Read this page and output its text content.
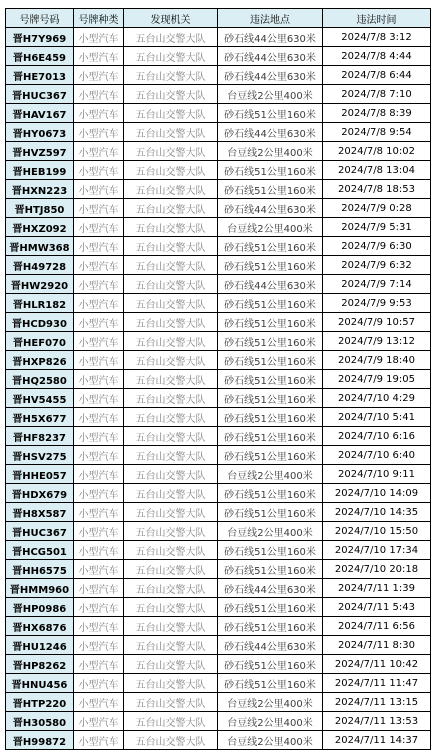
号牌号码	号牌种类	发现机关	违法地点	违法时间
晋H7Y969	小型汽车	五台山交警大队	砂石线44公里630米	2024/7/8 3:12
晋H6E459	小型汽车	五台山交警大队	砂石线44公里630米	2024/7/8 4:44
晋HE7013	小型汽车	五台山交警大队	砂石线44公里630米	2024/7/8 6:44
晋HUC367	小型汽车	五台山交警大队	台豆线2公里400米	2024/7/8 7:10
晋HAV167	小型汽车	五台山交警大队	砂石线51公里160米	2024/7/8 8:39
晋HY0673	小型汽车	五台山交警大队	砂石线44公里630米	2024/7/8 9:54
晋HVZ597	小型汽车	五台山交警大队	台豆线2公里400米	2024/7/8 10:02
晋HEB199	小型汽车	五台山交警大队	砂石线51公里160米	2024/7/8 13:04
晋HXN223	小型汽车	五台山交警大队	砂石线51公里160米	2024/7/8 18:53
晋HTJ850	小型汽车	五台山交警大队	砂石线44公里630米	2024/7/9 0:28
晋HXZ092	小型汽车	五台山交警大队	台豆线2公里400米	2024/7/9 5:31
晋HMW368	小型汽车	五台山交警大队	砂石线51公里160米	2024/7/9 6:30
晋H49728	小型汽车	五台山交警大队	砂石线51公里160米	2024/7/9 6:32
晋HW2920	小型汽车	五台山交警大队	砂石线44公里630米	2024/7/9 7:14
晋HLR182	小型汽车	五台山交警大队	砂石线51公里160米	2024/7/9 9:53
晋HCD930	小型汽车	五台山交警大队	砂石线51公里160米	2024/7/9 10:57
晋HEF070	小型汽车	五台山交警大队	砂石线51公里160米	2024/7/9 13:12
晋HXP826	小型汽车	五台山交警大队	砂石线51公里160米	2024/7/9 18:40
晋HQ2580	小型汽车	五台山交警大队	砂石线51公里160米	2024/7/9 19:05
晋HV5455	小型汽车	五台山交警大队	砂石线51公里160米	2024/7/10 4:29
晋H5X677	小型汽车	五台山交警大队	砂石线51公里160米	2024/7/10 5:41
晋HF8237	小型汽车	五台山交警大队	砂石线51公里160米	2024/7/10 6:16
晋HSV275	小型汽车	五台山交警大队	砂石线51公里160米	2024/7/10 6:40
晋HHE057	小型汽车	五台山交警大队	台豆线2公里400米	2024/7/10 9:11
晋HDX679	小型汽车	五台山交警大队	砂石线51公里160米	2024/7/10 14:09
晋H8X587	小型汽车	五台山交警大队	砂石线51公里160米	2024/7/10 14:35
晋HUC367	小型汽车	五台山交警大队	台豆线2公里400米	2024/7/10 15:50
晋HCG501	小型汽车	五台山交警大队	砂石线51公里160米	2024/7/10 17:34
晋HH6575	小型汽车	五台山交警大队	砂石线51公里160米	2024/7/10 20:18
晋HMM960	小型汽车	五台山交警大队	砂石线44公里630米	2024/7/11 1:39
晋HP0986	小型汽车	五台山交警大队	砂石线51公里160米	2024/7/11 5:43
晋HX6876	小型汽车	五台山交警大队	砂石线51公里160米	2024/7/11 6:56
晋HU1246	小型汽车	五台山交警大队	砂石线44公里630米	2024/7/11 8:30
晋HP8262	小型汽车	五台山交警大队	砂石线51公里160米	2024/7/11 10:42
晋HNU456	小型汽车	五台山交警大队	砂石线51公里160米	2024/7/11 11:47
晋HTP220	小型汽车	五台山交警大队	台豆线2公里400米	2024/7/11 13:15
晋H30580	小型汽车	五台山交警大队	台豆线2公里400米	2024/7/11 13:53
晋H99872	小型汽车	五台山交警大队	台豆线2公里400米	2024/7/11 14:37
